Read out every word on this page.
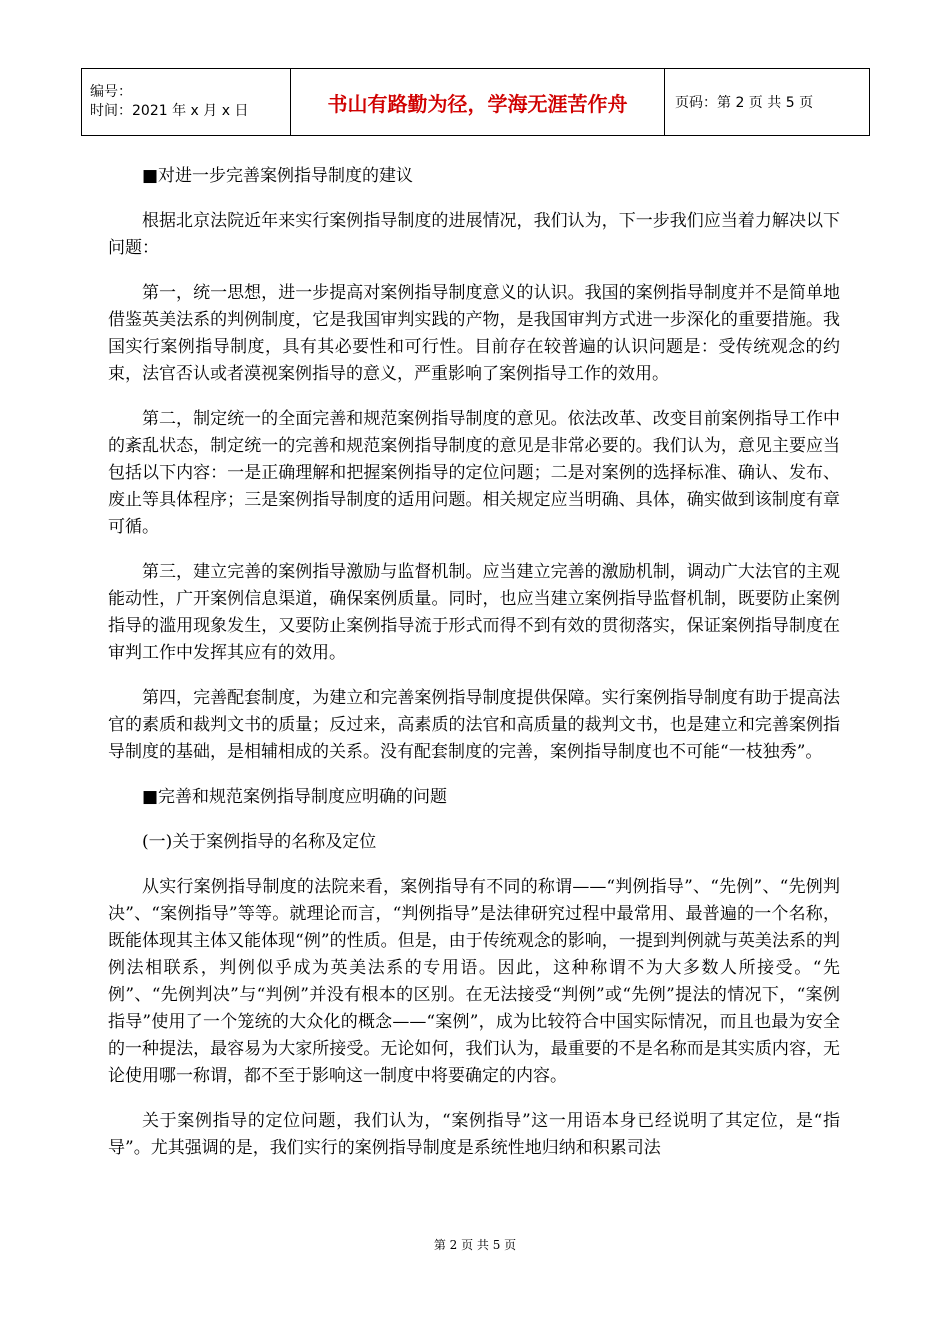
编号：
时间：2021 年 x 月 x 日	书山有路勤为径，学海无涯苦作舟	页码：第 2 页 共 5 页

■对进一步完善案例指导制度的建议

根据北京法院近年来实行案例指导制度的进展情况，我们认为，下一步我们应当着力解决以下问题：

第一，统一思想，进一步提高对案例指导制度意义的认识。我国的案例指导制度并不是简单地借鉴英美法系的判例制度，它是我国审判实践的产物，是我国审判方式进一步深化的重要措施。我国实行案例指导制度，具有其必要性和可行性。目前存在较普遍的认识问题是：受传统观念的约束，法官否认或者漠视案例指导的意义，严重影响了案例指导工作的效用。

第二，制定统一的全面完善和规范案例指导制度的意见。依法改革、改变目前案例指导工作中的紊乱状态，制定统一的完善和规范案例指导制度的意见是非常必要的。我们认为，意见主要应当包括以下内容：一是正确理解和把握案例指导的定位问题；二是对案例的选择标准、确认、发布、废止等具体程序；三是案例指导制度的适用问题。相关规定应当明确、具体，确实做到该制度有章可循。

第三，建立完善的案例指导激励与监督机制。应当建立完善的激励机制，调动广大法官的主观能动性，广开案例信息渠道，确保案例质量。同时，也应当建立案例指导监督机制，既要防止案例指导的滥用现象发生，又要防止案例指导流于形式而得不到有效的贯彻落实，保证案例指导制度在审判工作中发挥其应有的效用。

第四，完善配套制度，为建立和完善案例指导制度提供保障。实行案例指导制度有助于提高法官的素质和裁判文书的质量；反过来，高素质的法官和高质量的裁判文书，也是建立和完善案例指导制度的基础，是相辅相成的关系。没有配套制度的完善，案例指导制度也不可能“一枝独秀”。

■完善和规范案例指导制度应明确的问题

(一)关于案例指导的名称及定位

从实行案例指导制度的法院来看，案例指导有不同的称谓——“判例指导”、“先例”、“先例判决”、“案例指导”等等。就理论而言，“判例指导”是法律研究过程中最常用、最普遍的一个名称，既能体现其主体又能体现“例”的性质。但是，由于传统观念的影响，一提到判例就与英美法系的判例法相联系，判例似乎成为英美法系的专用语。因此，这种称谓不为大多数人所接受。“先例”、“先例判决”与“判例”并没有根本的区别。在无法接受“判例”或“先例”提法的情况下，“案例指导”使用了一个笼统的大众化的概念——“案例”，成为比较符合中国实际情况，而且也最为安全的一种提法，最容易为大家所接受。无论如何，我们认为，最重要的不是名称而是其实质内容，无论使用哪一称谓，都不至于影响这一制度中将要确定的内容。

关于案例指导的定位问题，我们认为，“案例指导”这一用语本身已经说明了其定位，是“指导”。尤其强调的是，我们实行的案例指导制度是系统性地归纳和积累司法

第 2 页 共 5 页
